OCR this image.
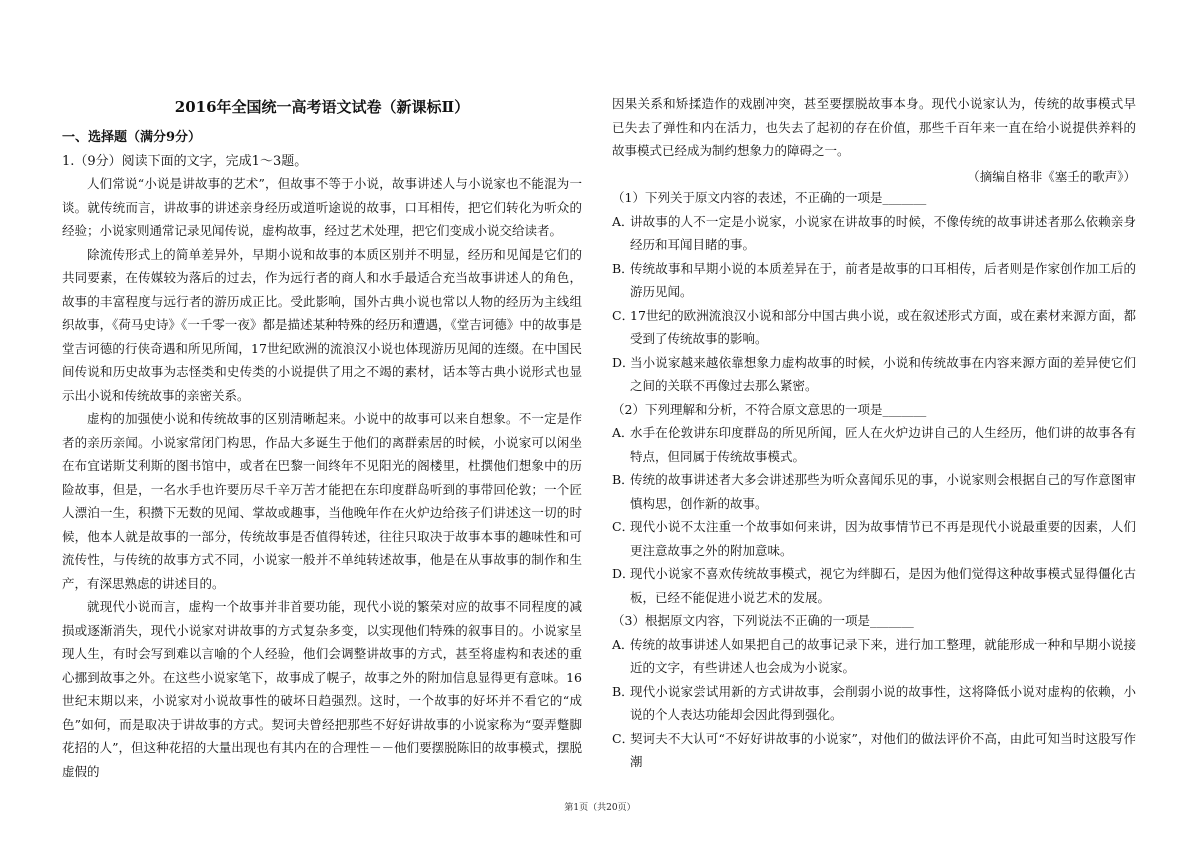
2016年全国统一高考语文试卷（新课标Ⅱ）
一、选择题（满分9分）
1.（9分）阅读下面的文字，完成1～3题。

人们常说“小说是讲故事的艺术”，但故事不等于小说，故事讲述人与小说家也不能混为一谈。就传统而言，讲故事的讲述亲身经历或道听途说的故事，口耳相传，把它们转化为听众的经验；小说家则通常记录见闻传说，虚构故事，经过艺术处理，把它们变成小说交给读者。

除流传形式上的简单差异外，早期小说和故事的本质区别并不明显，经历和见闻是它们的共同要素，在传媒较为落后的过去，作为远行者的商人和水手最适合充当故事讲述人的角色，故事的丰富程度与远行者的游历成正比。受此影响，国外古典小说也常以人物的经历为主线组织故事，《荷马史诗》《一千零一夜》都是描述某种特殊的经历和遭遇，《堂吉诃德》中的故事是堂吉诃德的行侠奇遇和所见所闻，17世纪欧洲的流浪汉小说也体现游历见闻的连缀。在中国民间传说和历史故事为志怪类和史传类的小说提供了用之不竭的素材，话本等古典小说形式也显示出小说和传统故事的亲密关系。

虚构的加强使小说和传统故事的区别清晰起来。小说中的故事可以来自想象。不一定是作者的亲历亲闻。小说家常闭门构思，作品大多诞生于他们的离群索居的时候，小说家可以闲坐在布宜诺斯艾利斯的图书馆中，或者在巴黎一间终年不见阳光的阁楼里，杜撰他们想象中的历险故事，但是，一名水手也许要历尽千辛万苦才能把在东印度群岛听到的事带回伦敦；一个匠人漂泊一生，积攒下无数的见闻、掌故或趣事，当他晚年作在火炉边给孩子们讲述这一切的时候，他本人就是故事的一部分，传统故事是否值得转述，往往只取决于故事本事的趣味性和可流传性，与传统的故事方式不同，小说家一般并不单纯转述故事，他是在从事故事的制作和生产，有深思熟虑的讲述目的。

就现代小说而言，虚构一个故事并非首要功能，现代小说的繁荣对应的故事不同程度的减损或逐渐消失，现代小说家对讲故事的方式复杂多变，以实现他们特殊的叙事目的。小说家呈现人生，有时会写到难以言喻的个人经验，他们会调整讲故事的方式，甚至将虚构和表述的重心挪到故事之外。在这些小说家笔下，故事成了幌子，故事之外的附加信息显得更有意味。16世纪末期以来，小说家对小说故事性的破坏日趋强烈。这时，一个故事的好坏并不看它的“成色”如何，而是取决于讲故事的方式。契诃夫曾经把那些不好好讲故事的小说家称为“耍弄蹩脚花招的人”，但这种花招的大量出现也有其内在的合理性－－他们要摆脱陈旧的故事模式，摆脱虚假的

因果关系和矫揉造作的戏剧冲突，甚至要摆脱故事本身。现代小说家认为，传统的故事模式早已失去了弹性和内在活力，也失去了起初的存在价值，那些千百年来一直在给小说提供养料的故事模式已经成为制约想象力的障碍之一。

（摘编自格非《塞壬的歌声》）

（1）下列关于原文内容的表述，不正确的一项是_______

A．
讲故事的人不一定是小说家，小说家在讲故事的时候，不像传统的故事讲述者那么依赖亲身经历和耳闻目睹的事。
B．
传统故事和早期小说的本质差异在于，前者是故事的口耳相传，后者则是作家创作加工后的游历见闻。
C．
17世纪的欧洲流浪汉小说和部分中国古典小说，或在叙述形式方面，或在素材来源方面，都受到了传统故事的影响。
D．
当小说家越来越依靠想象力虚构故事的时候，小说和传统故事在内容来源方面的差异使它们之间的关联不再像过去那么紧密。

（2）下列理解和分析，不符合原文意思的一项是_______

A．
水手在伦敦讲东印度群岛的所见所闻，匠人在火炉边讲自己的人生经历，他们讲的故事各有特点，但同属于传统故事模式。
B．
传统的故事讲述者大多会讲述那些为听众喜闻乐见的事，小说家则会根据自己的写作意图审慎构思，创作新的故事。
C．
现代小说不太注重一个故事如何来讲，因为故事情节已不再是现代小说最重要的因素，人们更注意故事之外的附加意味。
D．
现代小说家不喜欢传统故事模式，视它为绊脚石，是因为他们觉得这种故事模式显得僵化古板，已经不能促进小说艺术的发展。

（3）根据原文内容，下列说法不正确的一项是_______

A．
传统的故事讲述人如果把自己的故事记录下来，进行加工整理，就能形成一种和早期小说接近的文字，有些讲述人也会成为小说家。
B．
现代小说家尝试用新的方式讲故事，会削弱小说的故事性，这将降低小说对虚构的依赖，小说的个人表达功能却会因此得到强化。
C．
契诃夫不大认可“不好好讲故事的小说家”，对他们的做法评价不高，由此可知当时这股写作潮
第1页（共20页）
